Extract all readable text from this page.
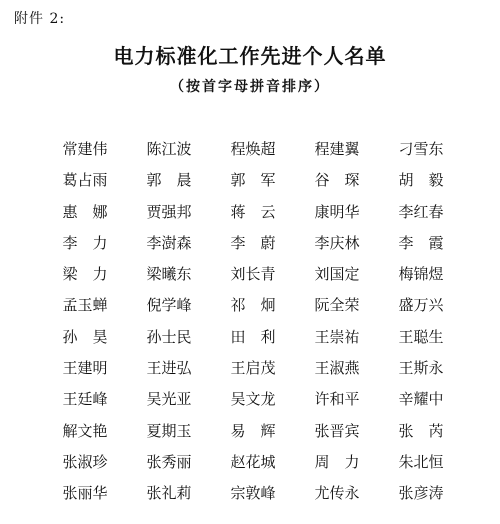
附件 2:
电力标准化工作先进个人名单
（按首字母拼音排序）
常建伟	陈江波	程焕超	程建翼	刁雪东
葛占雨	郭　晨	郭　军	谷　琛	胡　毅
惠　娜	贾强邦	蒋　云	康明华	李红春
李　力	李澍森	李　蔚	李庆林	李　霞
梁　力	梁曦东	刘长青	刘国定	梅锦煜
孟玉蝉	倪学峰	祁　炯	阮全荣	盛万兴
孙　昊	孙士民	田　利	王崇祐	王聪生
王建明	王进弘	王启茂	王淑燕	王斯永
王廷峰	吴光亚	吴文龙	许和平	辛耀中
解文艳	夏期玉	易　辉	张晋宾	张　芮
张淑珍	张秀丽	赵花城	周　力	朱北恒
张丽华	张礼莉	宗敦峰	尤传永	张彦涛
